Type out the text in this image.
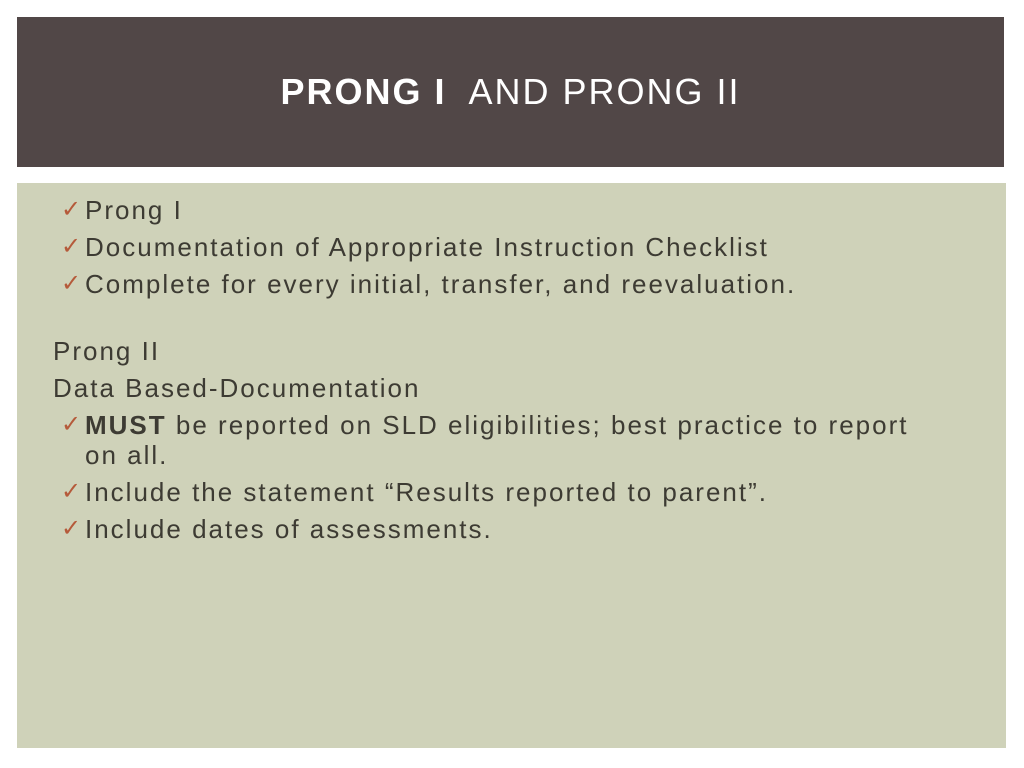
PRONG I AND PRONG II
✓ Prong I
✓ Documentation of Appropriate Instruction Checklist
✓ Complete for every initial, transfer, and reevaluation.
Prong II
Data Based-Documentation
✓ MUST be reported on SLD eligibilities; best practice to report on all.
✓ Include the statement “Results reported to parent”.
✓ Include dates of assessments.
